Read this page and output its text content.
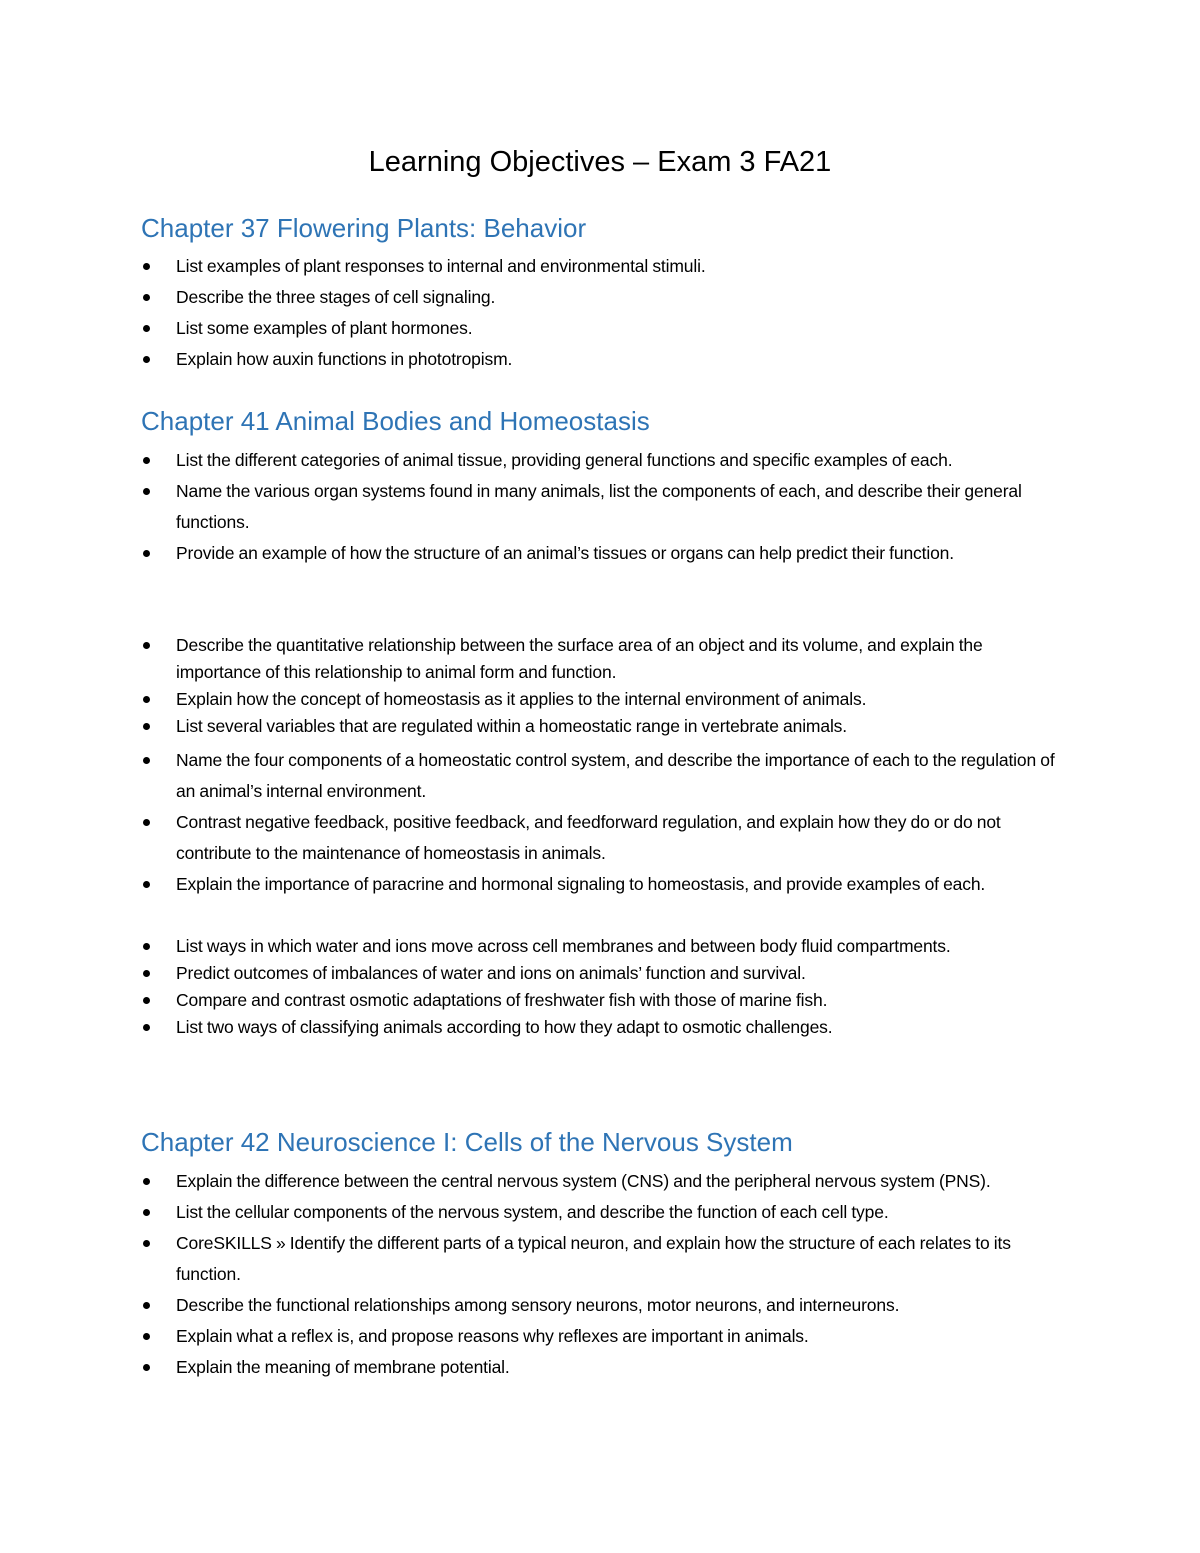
Learning Objectives – Exam 3 FA21
Chapter 37 Flowering Plants: Behavior
List examples of plant responses to internal and environmental stimuli.
Describe the three stages of cell signaling.
List some examples of plant hormones.
Explain how auxin functions in phototropism.
Chapter 41 Animal Bodies and Homeostasis
List the different categories of animal tissue, providing general functions and specific examples of each.
Name the various organ systems found in many animals, list the components of each, and describe their general functions.
Provide an example of how the structure of an animal’s tissues or organs can help predict their function.
Describe the quantitative relationship between the surface area of an object and its volume, and explain the importance of this relationship to animal form and function.
Explain how the concept of homeostasis as it applies to the internal environment of animals.
List several variables that are regulated within a homeostatic range in vertebrate animals.
Name the four components of a homeostatic control system, and describe the importance of each to the regulation of an animal’s internal environment.
Contrast negative feedback, positive feedback, and feedforward regulation, and explain how they do or do not contribute to the maintenance of homeostasis in animals.
Explain the importance of paracrine and hormonal signaling to homeostasis, and provide examples of each.
List ways in which water and ions move across cell membranes and between body fluid compartments.
Predict outcomes of imbalances of water and ions on animals’ function and survival.
Compare and contrast osmotic adaptations of freshwater fish with those of marine fish.
List two ways of classifying animals according to how they adapt to osmotic challenges.
Chapter 42 Neuroscience I: Cells of the Nervous System
Explain the difference between the central nervous system (CNS) and the peripheral nervous system (PNS).
List the cellular components of the nervous system, and describe the function of each cell type.
CoreSKILLS » Identify the different parts of a typical neuron, and explain how the structure of each relates to its function.
Describe the functional relationships among sensory neurons, motor neurons, and interneurons.
Explain what a reflex is, and propose reasons why reflexes are important in animals.
Explain the meaning of membrane potential.
